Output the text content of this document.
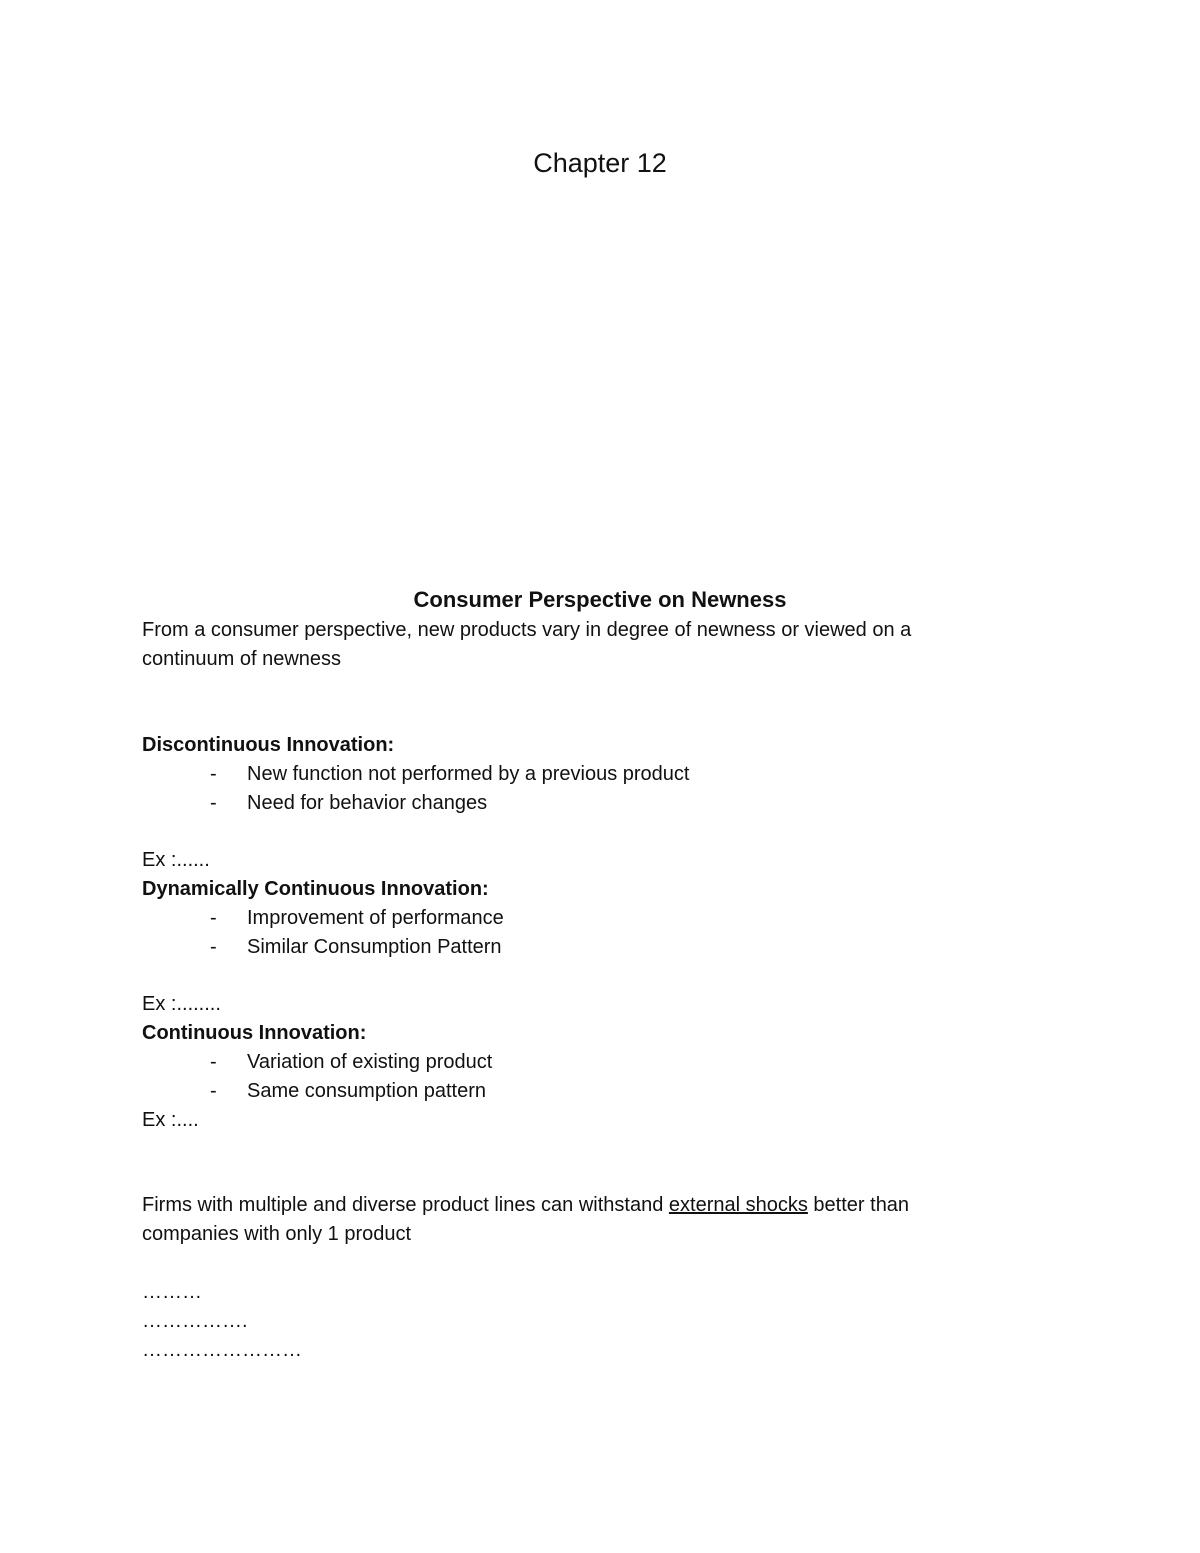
Chapter 12
Consumer Perspective on Newness

From a consumer perspective, new products vary in degree of newness or viewed on a continuum of newness

Discontinuous Innovation:

- New function not performed by a previous product
- Need for behavior changes

Ex :......

Dynamically Continuous Innovation:

- Improvement of performance
- Similar Consumption Pattern

Ex :........

Continuous Innovation:

- Variation of existing product
- Same consumption pattern

Ex :....

Firms with multiple and diverse product lines can withstand external shocks better than companies with only 1 product

………

…………….

……………………
